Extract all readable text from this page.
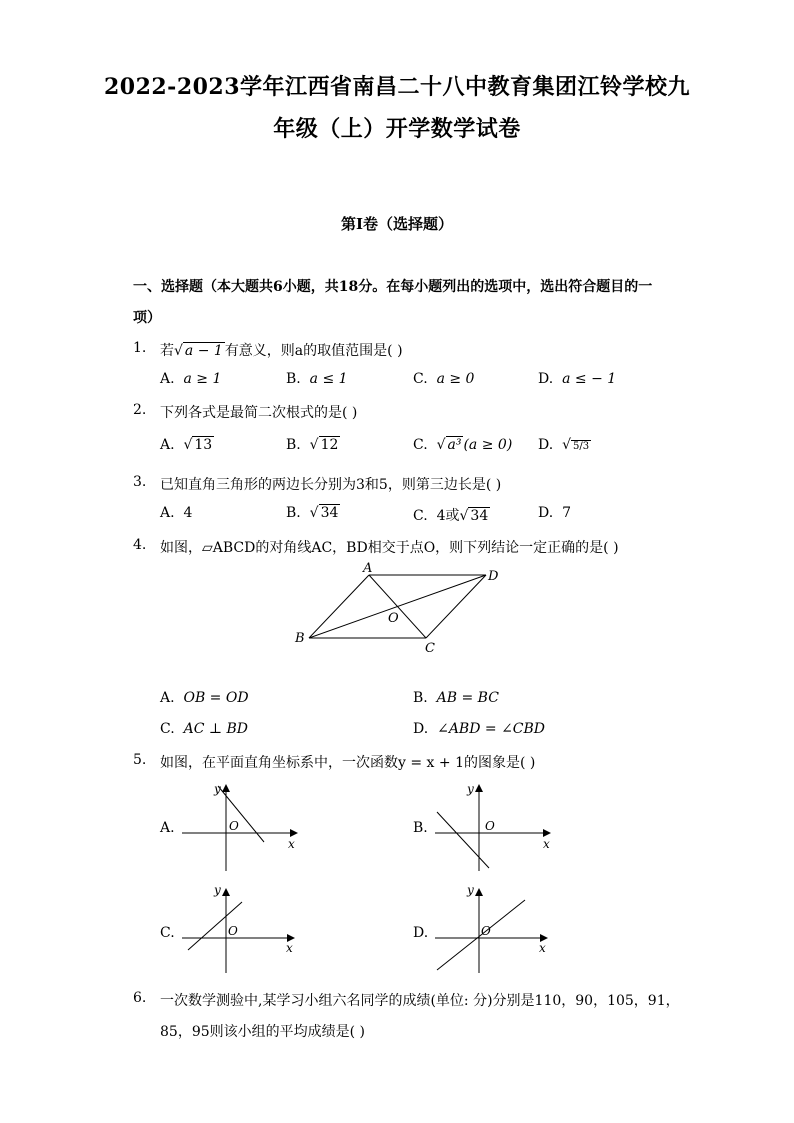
2022-2023学年江西省南昌二十八中教育集团江铃学校九
年级（上）开学数学试卷
第I卷（选择题）
一、选择题（本大题共6小题，共18分。在每小题列出的选项中，选出符合题目的一
项）
1. 若√ a − 1 有意义，则a的取值范围是( )
A. a ≥ 1	B. a ≤ 1	C. a ≥ 0	D. a ≤ − 1
2. 下列各式是最简二次根式的是( )
A. √ 13	B. √ 12	C. √ a³ (a ≥ 0) D. √ 5/3
3. 已知直角三角形的两边长分别为3和5，则第三边长是( )
A. 4	B. √ 34	C. 4或√ 34	D. 7
4. 如图，▱ABCD的对角线AC，BD相交于点O，则下列结论一定正确的是( )
A
D
B
C
O
A. OB = OD	B. AB = BC
C. AC ⊥ BD	D. ∠ABD = ∠CBD
5. 如图，在平面直角坐标系中，一次函数y = x + 1的图象是( )
A.
y
x
O	B.
y
x
O
C.
y
x
O	D.
y
x
O
6. 一次数学测验中,某学习小组六名同学的成绩(单位: 分)分别是110，90，105，91，
85，95则该小组的平均成绩是( )
